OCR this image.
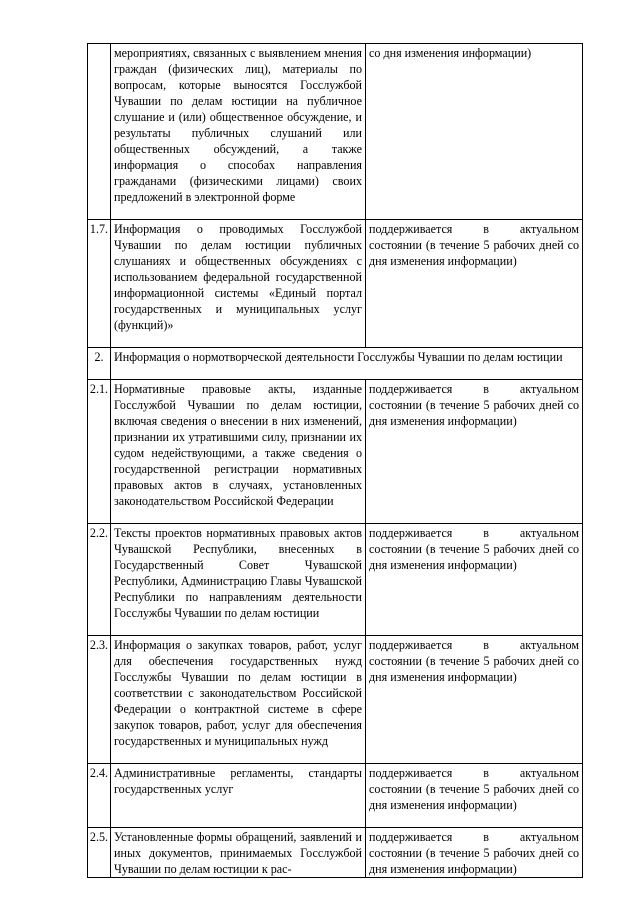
	мероприятиях, связанных с выявлением мнения граждан (физических лиц), материалы по вопросам, которые выносятся Госслужбой Чувашии по делам юстиции на публичное слушание и (или) общественное обсуждение, и результаты публичных слушаний или общественных обсуждений, а также информация о способах направления гражданами (физическими лицами) своих предложений в электронной форме	со дня изменения информации)
1.7.	Информация о проводимых Госслужбой Чувашии по делам юстиции публичных слушаниях и общественных обсуждениях с использованием федеральной государственной информационной системы «Единый портал государственных и муниципальных услуг (функций)»	поддерживается в актуальном состоянии (в течение 5 рабочих дней со дня изменения информации)
2.	Информация о нормотворческой деятельности Госслужбы Чувашии по делам юстиции	
2.1.	Нормативные правовые акты, изданные Госслужбой Чувашии по делам юстиции, включая сведения о внесении в них изменений, признании их утратившими силу, признании их судом недействующими, а также сведения о государственной регистрации нормативных правовых актов в случаях, установленных законодательством Российской Федерации	поддерживается в актуальном состоянии (в течение 5 рабочих дней со дня изменения информации)
2.2.	Тексты проектов нормативных правовых актов Чувашской Республики, внесенных в Государственный Совет Чувашской Республики, Администрацию Главы Чувашской Республики по направлениям деятельности Госслужбы Чувашии по делам юстиции	поддерживается в актуальном состоянии (в течение 5 рабочих дней со дня изменения информации)
2.3.	Информация о закупках товаров, работ, услуг для обеспечения государственных нужд Госслужбы Чувашии по делам юстиции в соответствии с законодательством Российской Федерации о контрактной системе в сфере закупок товаров, работ, услуг для обеспечения государственных и муниципальных нужд	поддерживается в актуальном состоянии (в течение 5 рабочих дней со дня изменения информации)
2.4.	Административные регламенты, стандарты государственных услуг	поддерживается в актуальном состоянии (в течение 5 рабочих дней со дня изменения информации)
2.5.	Установленные формы обращений, заявлений и иных документов, принимаемых Госслужбой Чувашии по делам юстиции к рас-	поддерживается в актуальном состоянии (в течение 5 рабочих дней со дня изменения информации)
